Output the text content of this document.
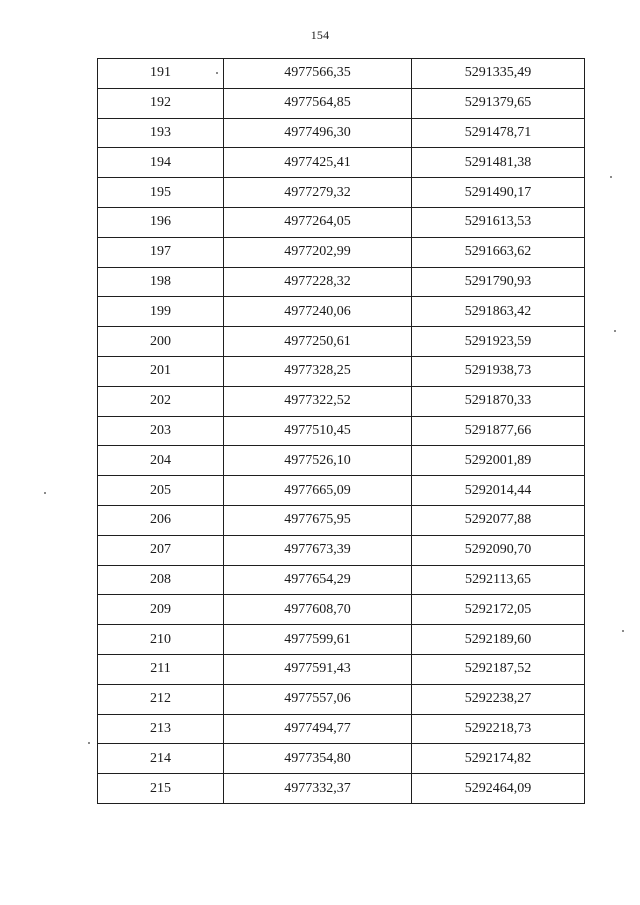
154
191	4977566,35	5291335,49
192	4977564,85	5291379,65
193	4977496,30	5291478,71
194	4977425,41	5291481,38
195	4977279,32	5291490,17
196	4977264,05	5291613,53
197	4977202,99	5291663,62
198	4977228,32	5291790,93
199	4977240,06	5291863,42
200	4977250,61	5291923,59
201	4977328,25	5291938,73
202	4977322,52	5291870,33
203	4977510,45	5291877,66
204	4977526,10	5292001,89
205	4977665,09	5292014,44
206	4977675,95	5292077,88
207	4977673,39	5292090,70
208	4977654,29	5292113,65
209	4977608,70	5292172,05
210	4977599,61	5292189,60
211	4977591,43	5292187,52
212	4977557,06	5292238,27
213	4977494,77	5292218,73
214	4977354,80	5292174,82
215	4977332,37	5292464,09
